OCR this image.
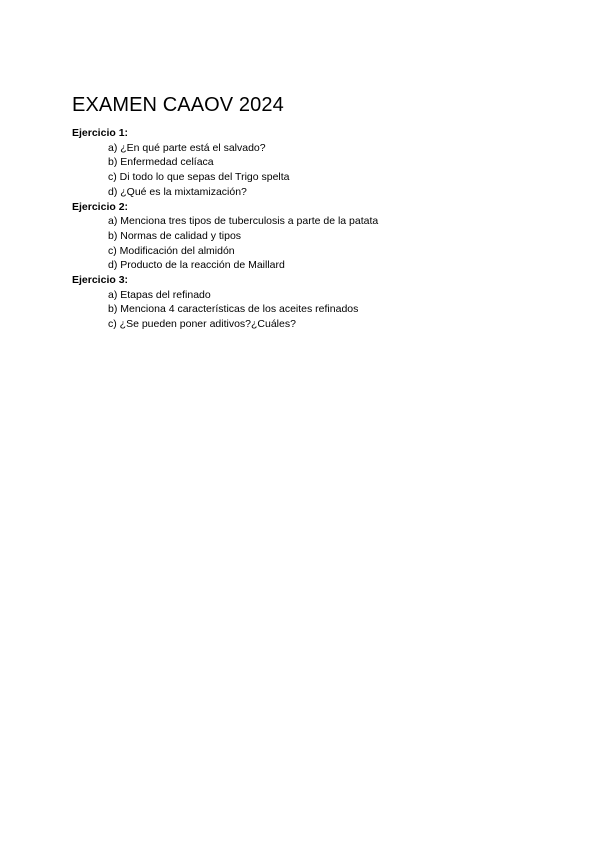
EXAMEN CAAOV 2024

Ejercicio 1:

a) ¿En qué parte está el salvado?
b) Enfermedad celíaca
c) Di todo lo que sepas del Trigo spelta
d) ¿Qué es la mixtamización?

Ejercicio 2:

a) Menciona tres tipos de tuberculosis a parte de la patata
b) Normas de calidad y tipos
c) Modificación del almidón
d) Producto de la reacción de Maillard

Ejercicio 3:

a) Etapas del refinado
b) Menciona 4 características de los aceites refinados
c) ¿Se pueden poner aditivos?¿Cuáles?
